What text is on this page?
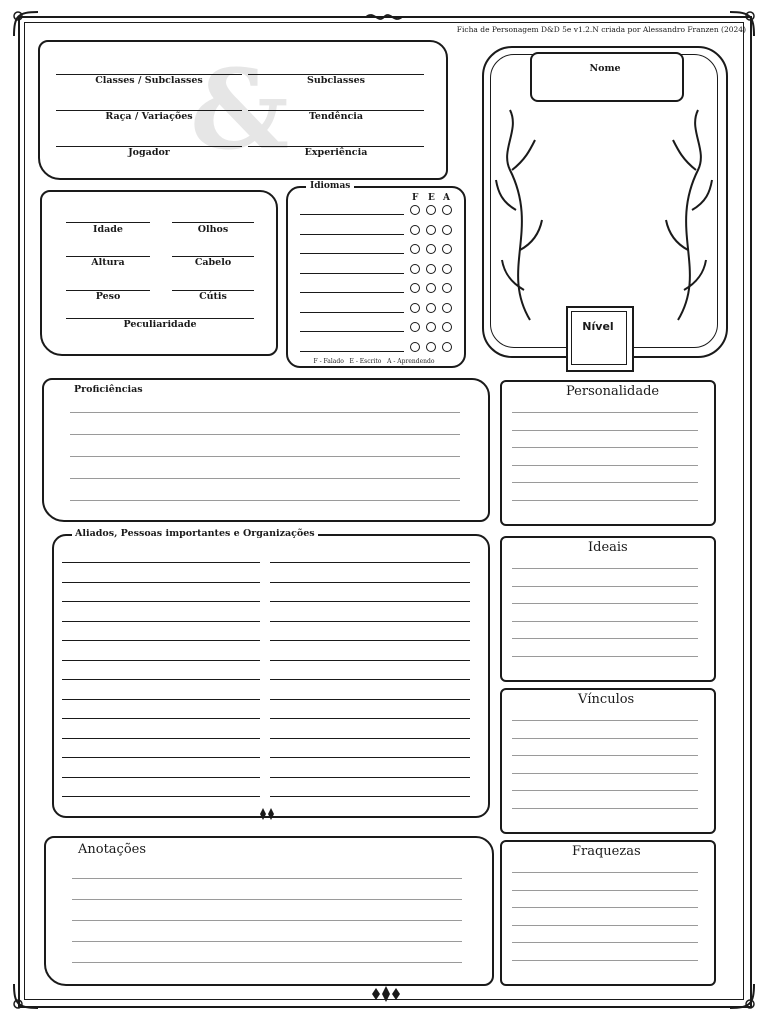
Ficha de Personagem D&D 5e v1.2.N criada por Alessandro Franzen (2024)
&
Classes / Subclasses	Subclasses
Raça / Variações	Tendência
Jogador	Experiência
Idade	Olhos
Altura	Cabelo
Peso	Cútis
Peculiaridade
Idiomas
F E A
F - Falado   E - Escrito   A - Aprendendo
Nome
Nível
Proficiências
Aliados, Pessoas importantes e Organizações
Anotações
Personalidade
Ideais
Vínculos
Fraquezas
